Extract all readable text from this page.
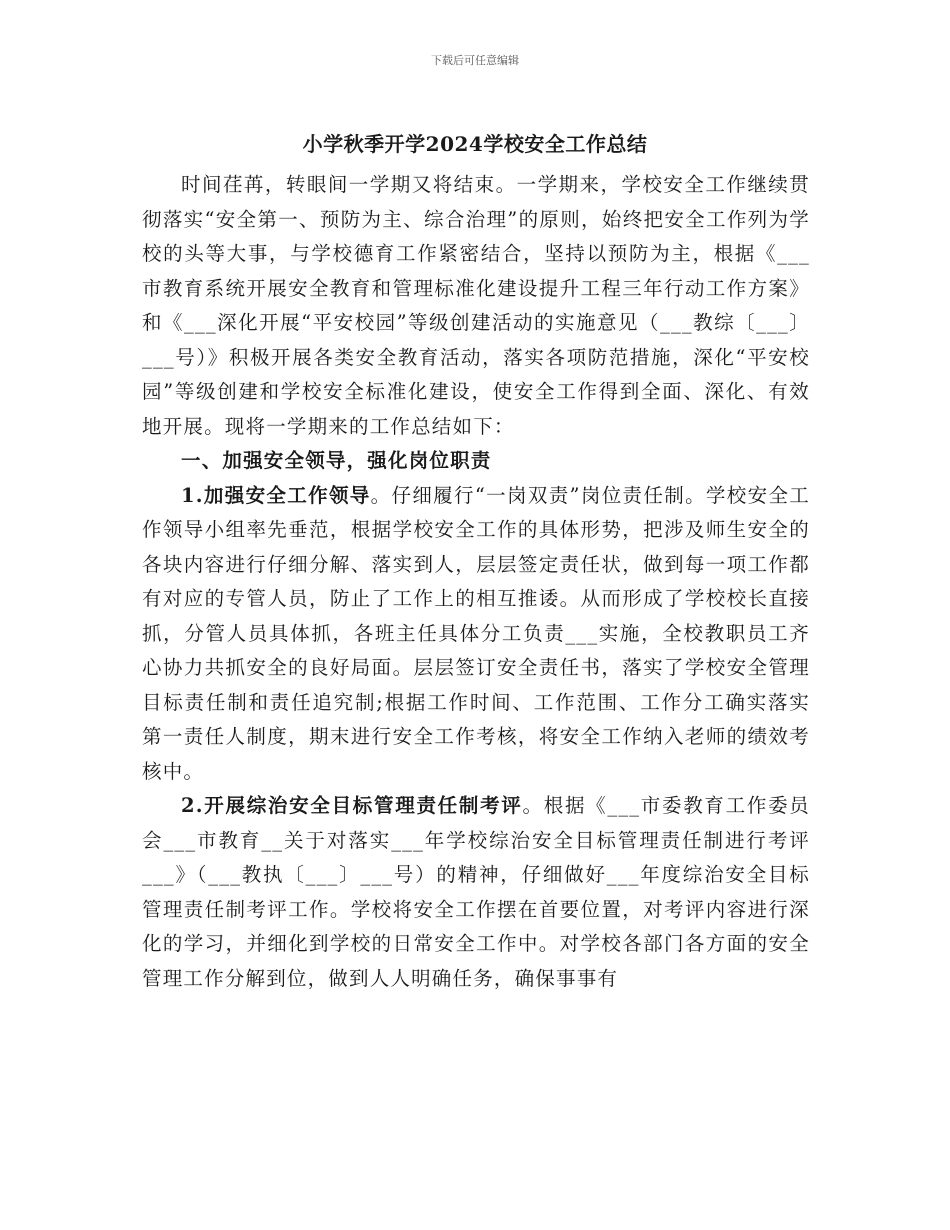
下载后可任意编辑
小学秋季开学2024学校安全工作总结

时间荏苒，转眼间一学期又将结束。一学期来，学校安全工作继续贯彻落实“安全第一、预防为主、综合治理”的原则，始终把安全工作列为学校的头等大事，与学校德育工作紧密结合，坚持以预防为主，根据《___市教育系统开展安全教育和管理标准化建设提升工程三年行动工作方案》和《___深化开展“平安校园”等级创建活动的实施意见（___教综〔___〕___号）》积极开展各类安全教育活动，落实各项防范措施，深化“平安校园”等级创建和学校安全标准化建设，使安全工作得到全面、深化、有效地开展。现将一学期来的工作总结如下：

一、加强安全领导，强化岗位职责

1.加强安全工作领导。仔细履行“一岗双责”岗位责任制。学校安全工作领导小组率先垂范，根据学校安全工作的具体形势，把涉及师生安全的各块内容进行仔细分解、落实到人，层层签定责任状，做到每一项工作都有对应的专管人员，防止了工作上的相互推诿。从而形成了学校校长直接抓，分管人员具体抓，各班主任具体分工负责___实施，全校教职员工齐心协力共抓安全的良好局面。层层签订安全责任书，落实了学校安全管理目标责任制和责任追究制;根据工作时间、工作范围、工作分工确实落实第一责任人制度，期末进行安全工作考核，将安全工作纳入老师的绩效考核中。

2.开展综治安全目标管理责任制考评。根据《___市委教育工作委员会___市教育__关于对落实___年学校综治安全目标管理责任制进行考评___》（___教执〔___〕___号）的精神，仔细做好___年度综治安全目标管理责任制考评工作。学校将安全工作摆在首要位置，对考评内容进行深化的学习，并细化到学校的日常安全工作中。对学校各部门各方面的安全管理工作分解到位，做到人人明确任务，确保事事有
